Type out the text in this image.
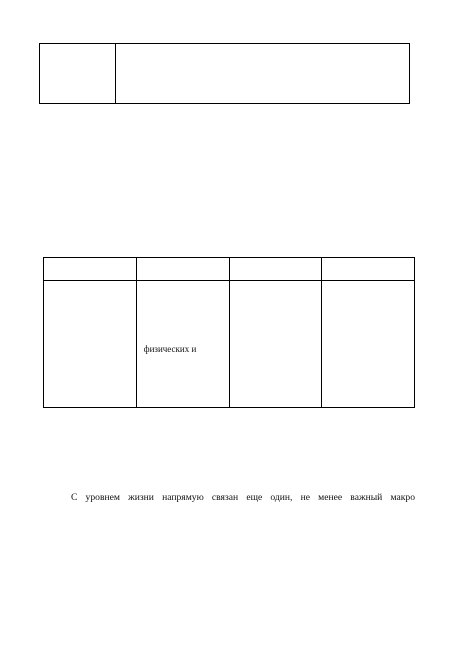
физических и
С уровнем жизни напрямую связан еще один, не менее важный макро
